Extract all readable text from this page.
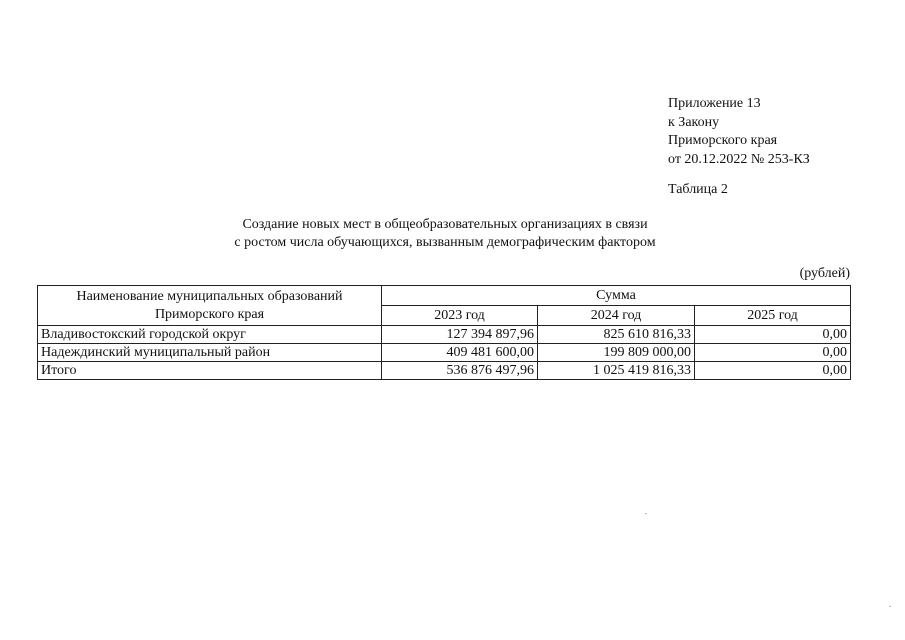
Приложение 13
к Закону
Приморского края
от 20.12.2022 № 253-КЗ
Таблица 2
Создание новых мест в общеобразовательных организациях в связи
с ростом числа обучающихся, вызванным демографическим фактором
(рублей)
Наименование муниципальных образований
Приморского края	Сумма		
	2023 год	2024 год	2025 год
Владивостокский городской округ	127 394 897,96	825 610 816,33	0,00
Надеждинский муниципальный район	409 481 600,00	199 809 000,00	0,00
Итого	536 876 497,96	1 025 419 816,33	0,00
